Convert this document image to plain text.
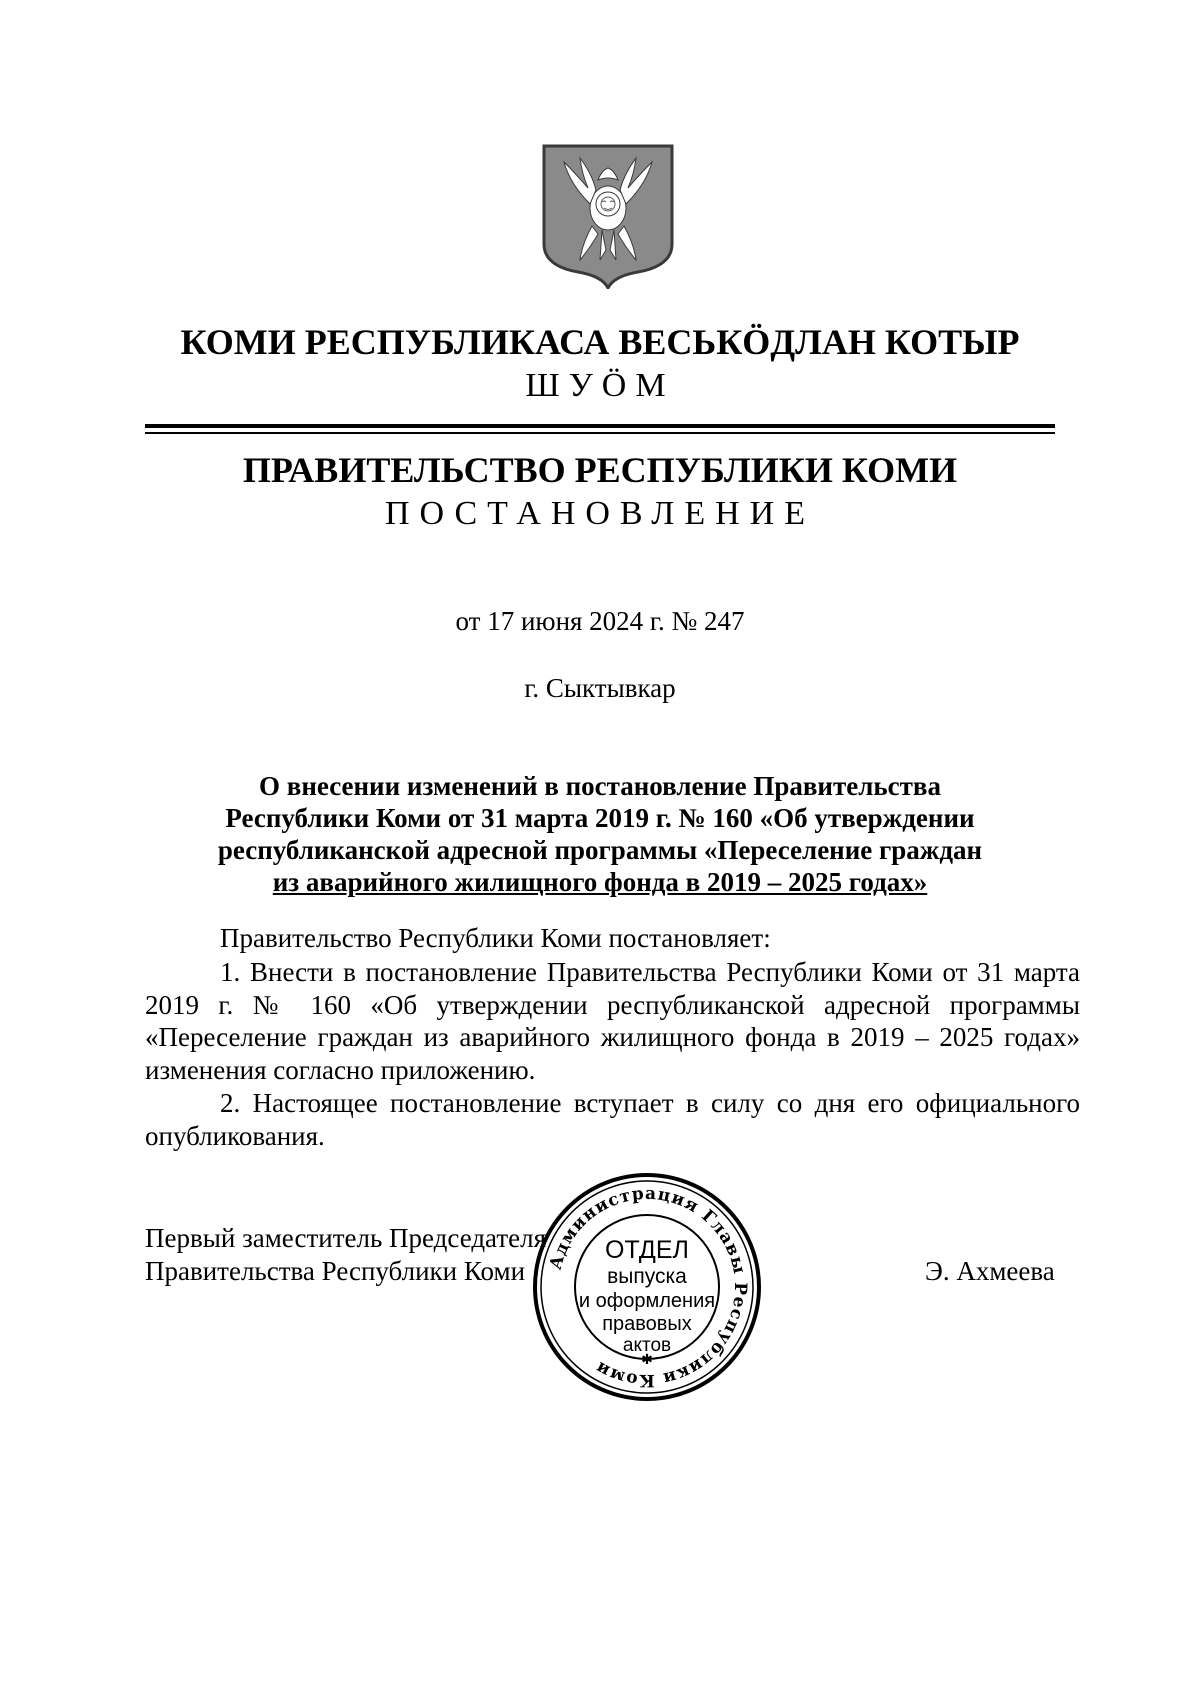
КОМИ РЕСПУБЛИКАСА ВЕСЬКӦДЛАН КОТЫР
ШУӦМ
ПРАВИТЕЛЬСТВО РЕСПУБЛИКИ КОМИ
ПОСТАНОВЛЕНИЕ
от 17 июня 2024 г. № 247
г. Сыктывкар
О внесении изменений в постановление Правительства
Республики Коми от 31 марта 2019 г. № 160 «Об утверждении
республиканской адресной программы «Переселение граждан
из аварийного жилищного фонда в 2019 – 2025 годах»
Правительство Республики Коми постановляет:

1. Внести в постановление Правительства Республики Коми от 31 марта 2019 г. № 160 «Об утверждении республиканской адресной программы «Переселение граждан из аварийного жилищного фонда в 2019 – 2025 годах» изменения согласно приложению.

2. Настоящее постановление вступает в силу со дня его официального опубликования.

Первый заместитель Председателя
Правительства Республики Коми	Э. Ахмеева
Администрация Главы Республики Коми	✱
ОТДЕЛ
выпуска
и оформления
правовых
актов
